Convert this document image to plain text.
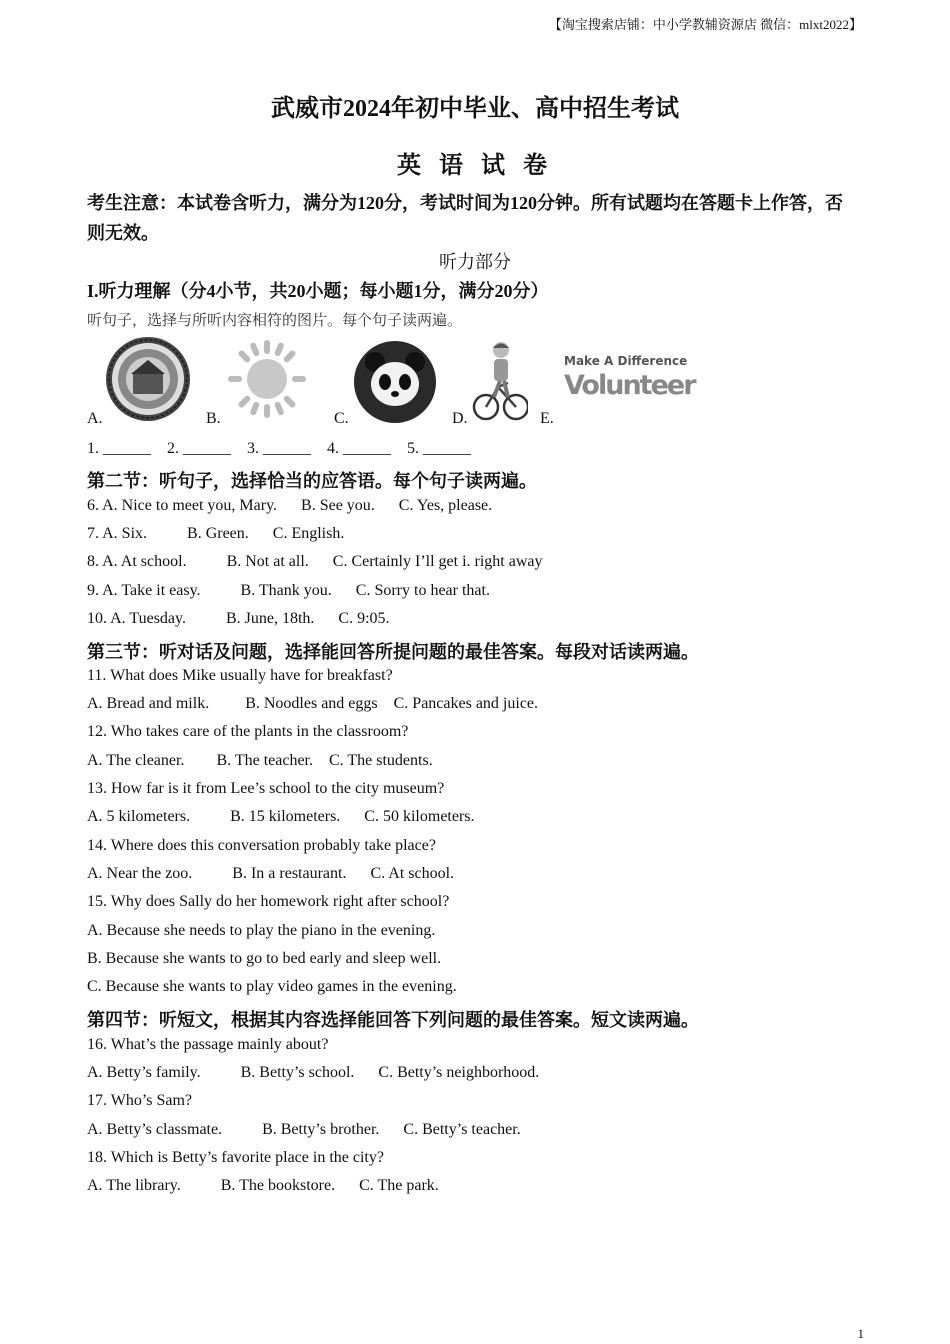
【淘宝搜索店铺：中小学教辅资源店 微信：mlxt2022】
武威市2024年初中毕业、高中招生考试
英 语 试 卷
考生注意：本试卷含听力，满分为120分，考试时间为120分钟。所有试题均在答题卡上作答，否则无效。
听力部分
I.听力理解（分4小节，共20小题；每小题1分，满分20分）
听句子，选择与所听内容相符的图片。每个句子读两遍。
A.	B.	C.	D.	E.
Make A Difference
Volunteer
1. ______    2. ______    3. ______    4. ______    5. ______
第二节：听句子，选择恰当的应答语。每个句子读两遍。
6. A. Nice to meet you, Mary.      B. See you.      C. Yes, please.
7. A. Six.          B. Green.      C. English.
8. A. At school.          B. Not at all.      C. Certainly I’ll get i. right away
9. A. Take it easy.          B. Thank you.      C. Sorry to hear that.
10. A. Tuesday.          B. June, 18th.      C. 9:05.
第三节：听对话及问题，选择能回答所提问题的最佳答案。每段对话读两遍。
11. What does Mike usually have for breakfast?
A. Bread and milk.         B. Noodles and eggs    C. Pancakes and juice.
12. Who takes care of the plants in the classroom?
A. The cleaner.        B. The teacher.    C. The students.
13. How far is it from Lee’s school to the city museum?
A. 5 kilometers.          B. 15 kilometers.      C. 50 kilometers.
14. Where does this conversation probably take place?
A. Near the zoo.          B. In a restaurant.      C. At school.
15. Why does Sally do her homework right after school?
A. Because she needs to play the piano in the evening.
B. Because she wants to go to bed early and sleep well.
C. Because she wants to play video games in the evening.
第四节：听短文，根据其内容选择能回答下列问题的最佳答案。短文读两遍。
16. What’s the passage mainly about?
A. Betty’s family.          B. Betty’s school.      C. Betty’s neighborhood.
17. Who’s Sam?
A. Betty’s classmate.          B. Betty’s brother.      C. Betty’s teacher.
18. Which is Betty’s favorite place in the city?
A. The library.          B. The bookstore.      C. The park.
1
